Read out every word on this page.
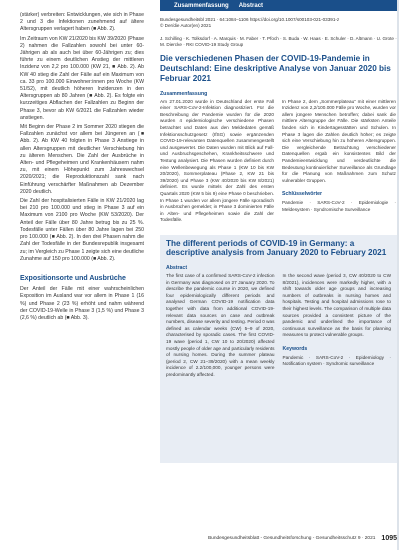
(stärker) verbreiten: Entwicklungen, wie sich in Phase 2 und 3 die Infektionen zunehmend auf ältere Altersgruppen verlagert haben (■ Abb. 2).

Im Zeitraum von KW 21/2020 bis KW 39/2020 (Phase 2) nahmen die Fallzahlen sowohl bei unter 60-Jährigen ab als auch bei über 60-Jährigen zu; dies führte zu einem deutlichen Anstieg der mittleren Inzidenz von 2,2 pro 100.000 (KW 21, ■ Abb. 2). Ab KW 40 stieg die Zahl der Fälle auf ein Maximum von ca. 33 pro 100.000 Einwohner:innen pro Woche (KW 51/52), mit deutlich höheren Inzidenzen in den Altersgruppen ab 80 Jahren (■ Abb. 2). Es folgte ein kurzzeitiges Abflachen der Fallzahlen zu Beginn der Phase 3, bevor ab KW 6/2021 die Fallzahlen wieder anstiegen.

Mit Beginn der Phase 2 im Sommer 2020 stiegen die Fallzahlen zunächst vor allem bei Jüngeren an (■ Abb. 2). Ab KW 40 folgten in Phase 3 Anstiege in allen Altersgruppen mit deutlicher Verschiebung hin zu älteren Menschen. Die Zahl der Ausbrüche in Alten- und Pflegeheimen und Krankenhäusern nahm zu, mit einem Höhepunkt zum Jahreswechsel 2020/2021; die Reproduktionszahl sank nach Einführung verschärfter Maßnahmen ab Dezember 2020 deutlich.

Die Zahl der hospitalisierten Fälle in KW 21/2020 lag bei 210 pro 100.000 und stieg in Phase 3 auf ein Maximum von 2100 pro Woche (KW 53/2020). Der Anteil der Fälle über 80 Jahre betrug bis zu 25 %. Todesfälle unter Fällen über 80 Jahre lagen bei 250 pro 100.000 (■ Abb. 2). In den drei Phasen nahm die Zahl der Todesfälle in der Bundesrepublik insgesamt zu; im Vergleich zu Phase 1 zeigte sich eine deutliche Zunahme auf 150 pro 100.000 (■ Abb. 2).

Expositionsorte und Ausbrüche

Der Anteil der Fälle mit einer wahrscheinlichen Exposition im Ausland war vor allem in Phase 1 (16 %) und Phase 2 (23 %) erhöht und nahm während der COVID-19-Welle in Phase 3 (1,5 %) und Phase 3 (2,6 %) deutlich ab (■ Abb. 3).

Zusammenfassung Abstract
Bundesgesundheitsbl 2021 · 64:1084–1106 https://doi.org/10.1007/s00103-021-03391-z
© Der/die Autor(en) 2021
J. Schilling · K. Tolksdorf · A. Marquis · M. Faber · T. Pfoch · S. Buda · W. Haas · E. Schuler · D. Altmann · U. Grote · M. Diercke · RKI COVID-19 Study Group
Die verschiedenen Phasen der COVID-19-Pandemie in Deutschland: Eine deskriptive Analyse von Januar 2020 bis Februar 2021
Zusammenfassung

Am 27.01.2020 wurde in Deutschland der erste Fall einer SARS-CoV-2-Infektion diagnostiziert. Für die Beschreibung der Pandemie wurden für die 2020 wurden 4 epidemiologische verschiedene Phasen betrachtet und Daten aus den Meldedaten gemäß Infektionsschutzgesetz (IfSG) sowie ergänzenden COVID-19-relevanten Datenquellen zusammengestellt und ausgewertet. Die Daten wurden mit Blick auf Fall- und Ausbruchsgeschehen, Krankheitsschwere und Testung analysiert. Die Phasen wurden definiert durch eine Wellenbewegung als Phase 1 (KW 10 bis KW 20/2020), Sommerplateau (Phase 2, KW 21 bis 39/2020) und Phase 3 (KW 40/2020 bis KW 8/2021) definiert. Es wurde mittels der Zahl des ersten Quartals 2020 (KW 5 bis 9) eine Phase 0 beschrieben. In Phase 1 wurden vor allem jüngere Fälle sporadisch in Ausbrüchen gemeldet; in Phase 3 dominierten Fälle in Alten- und Pflegeheimen sowie die Zahl der Todesfälle.

In Phase 2, dem „Sommerplateau“ mit einer mittleren Inzidenz von 2,2/100.000 Fälle pro Woche, wurden vor allem jüngere Menschen betroffen; dabei sank die mittlere Altersgruppe der Fälle. Die stärksten Anteile fanden sich in Kindertagesstätten und Schulen. In Phase 3 lagen die Zahlen deutlich höher; es zeigte sich eine Verschiebung hin zu höheren Altersgruppen. Die vergleichende Betrachtung verschiedener Datenquellen ergab ein konsistentes Bild der Pandemieentwicklung und verdeutlichte die Bedeutung kontinuierlicher Surveillance als Grundlage für die Planung von Maßnahmen zum Schutz vulnerabler Gruppen.

Schlüsselwörter

Pandemie · SARS-CoV-2 · Epidemiologie · Meldesystem · Syndromische Surveillance

The different periods of COVID-19 in Germany: a descriptive analysis from January 2020 to February 2021
Abstract

The first case of a confirmed SARS-CoV-2 infection in Germany was diagnosed on 27 January 2020. To describe the pandemic course in 2020, we defined four epidemiologically different periods and analysed German COVID-19 notification data together with data from additional COVID-19-relevant data sources on case and outbreak numbers, disease severity and testing. Period 0 was defined as calendar weeks (CW) 5–9 of 2020, characterised by sporadic cases. The first COVID-19 wave (period 1, CW 10 to 20/2020) affected mostly people of older age and particularly residents of nursing homes. During the summer plateau (period 2, CW 21–39/2020) with a mean weekly incidence of 2.2/100,000, younger persons were predominantly affected.

In the second wave (period 3, CW 40/2020 to CW 8/2021), incidences were markedly higher, with a shift towards older age groups and increasing numbers of outbreaks in nursing homes and hospitals. Testing and hospital admissions rose to their highest levels. The comparison of multiple data sources provided a consistent picture of the pandemic and underlined the importance of continuous surveillance as the basis for planning measures to protect vulnerable groups.

Keywords

Pandemic · SARS-CoV-2 · Epidemiology · Notification system · Syndromic surveillance

Bundesgesundheitsblatt - Gesundheitsforschung - Gesundheitsschutz 9 · 2021 1095
